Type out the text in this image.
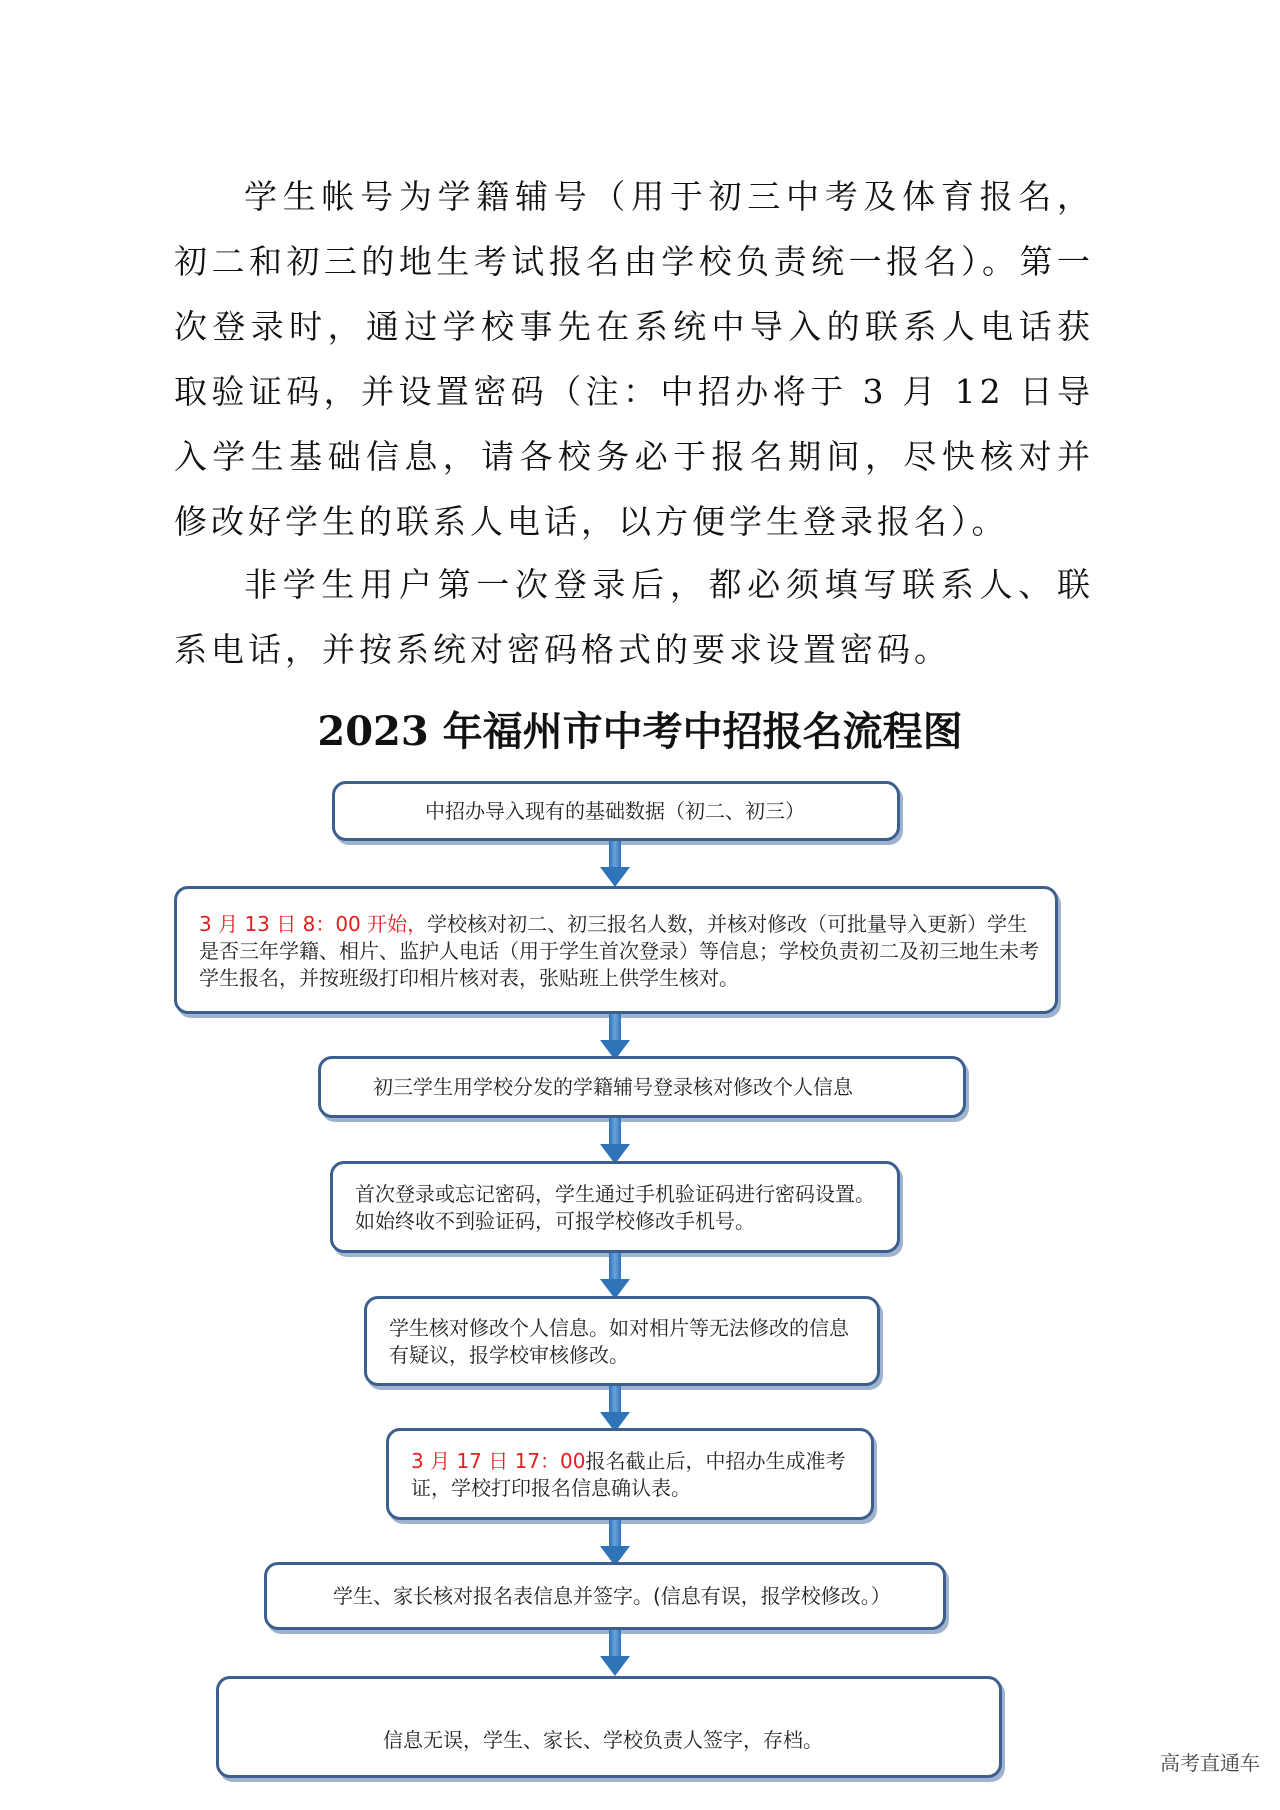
学生帐号为学籍辅号（用于初三中考及体育报名，初二和初三的地生考试报名由学校负责统一报名）。第一次登录时，通过学校事先在系统中导入的联系人电话获取验证码，并设置密码（注：中招办将于 3 月 12 日导入学生基础信息，请各校务必于报名期间，尽快核对并修改好学生的联系人电话，以方便学生登录报名）。

非学生用户第一次登录后，都必须填写联系人、联系电话，并按系统对密码格式的要求设置密码。

2023 年福州市中考中招报名流程图
中招办导入现有的基础数据（初二、初三）
3 月 13 日 8：00 开始，学校核对初二、初三报名人数，并核对修改（可批量导入更新）学生是否三年学籍、相片、监护人电话（用于学生首次登录）等信息；学校负责初二及初三地生未考学生报名，并按班级打印相片核对表，张贴班上供学生核对。
初三学生用学校分发的学籍辅号登录核对修改个人信息
首次登录或忘记密码，学生通过手机验证码进行密码设置。如始终收不到验证码，可报学校修改手机号。
学生核对修改个人信息。如对相片等无法修改的信息有疑议，报学校审核修改。
3 月 17 日 17：00报名截止后，中招办生成准考证，学校打印报名信息确认表。
学生、家长核对报名表信息并签字。(信息有误，报学校修改。）
信息无误，学生、家长、学校负责人签字，存档。
高考直通车
